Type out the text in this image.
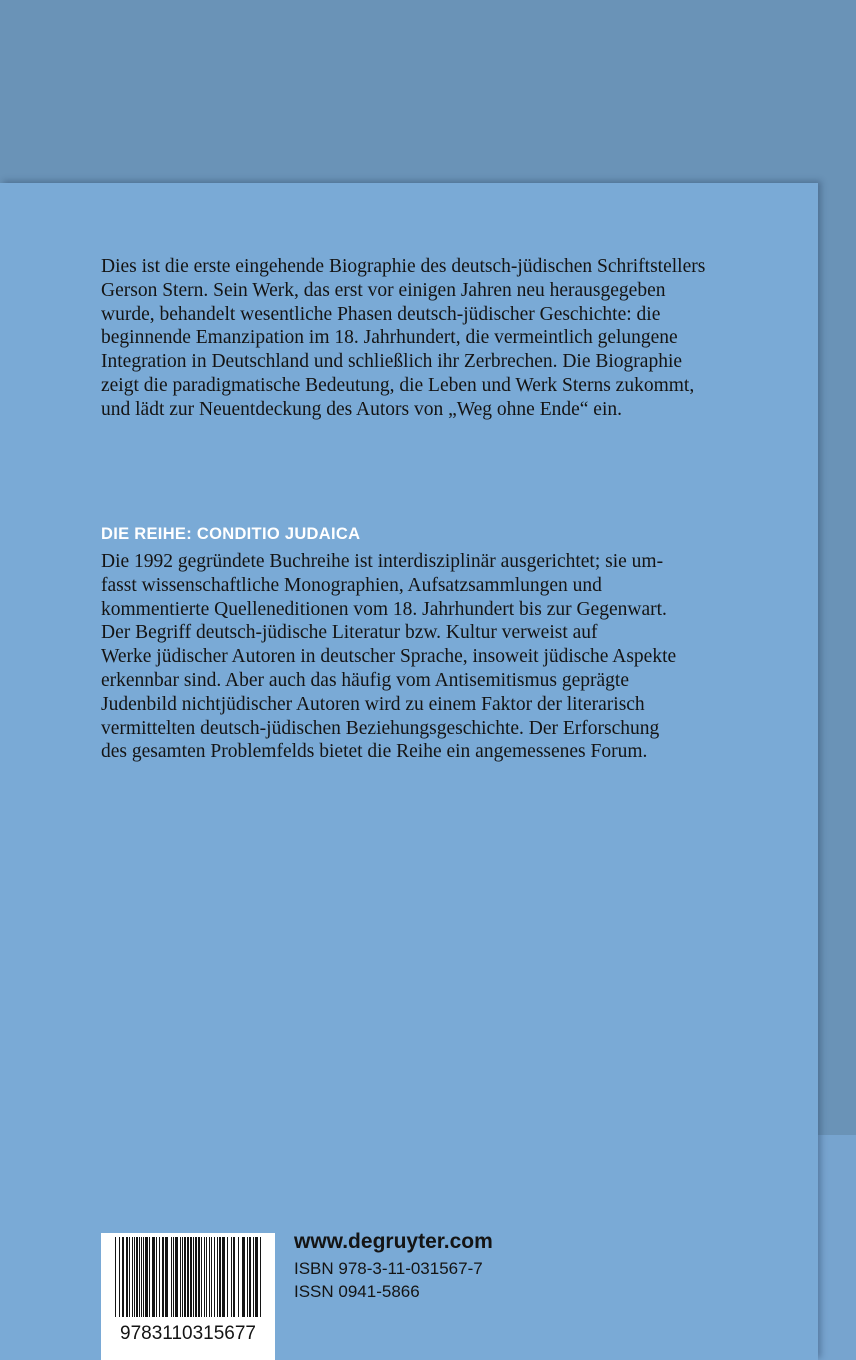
Dies ist die erste eingehende Biographie des deutsch-jüdischen Schriftstellers
Gerson Stern. Sein Werk, das erst vor einigen Jahren neu herausgegeben
wurde, behandelt wesentliche Phasen deutsch-jüdischer Geschichte: die
beginnende Emanzipation im 18. Jahrhundert, die vermeintlich gelungene
Integration in Deutschland und schließlich ihr Zerbrechen. Die Biographie
zeigt die paradigmatische Bedeutung, die Leben und Werk Sterns zukommt,
und lädt zur Neuentdeckung des Autors von „Weg ohne Ende“ ein.

DIE REIHE: CONDITIO JUDAICA

Die 1992 gegründete Buchreihe ist interdisziplinär ausgerichtet; sie um-
fasst wissenschaftliche Monographien, Aufsatzsammlungen und
kommentierte Quelleneditionen vom 18. Jahrhundert bis zur Gegenwart.
Der Begriff deutsch-jüdische Literatur bzw. Kultur verweist auf
Werke jüdischer Autoren in deutscher Sprache, insoweit jüdische Aspekte
erkennbar sind. Aber auch das häufig vom Antisemitismus geprägte
Judenbild nichtjüdischer Autoren wird zu einem Faktor der literarisch
vermittelten deutsch-jüdischen Beziehungsgeschichte. Der Erforschung
des gesamten Problemfelds bietet die Reihe ein angemessenes Forum.

9783110315677
www.degruyter.com
ISBN 978-3-11-031567-7
ISSN 0941-5866
